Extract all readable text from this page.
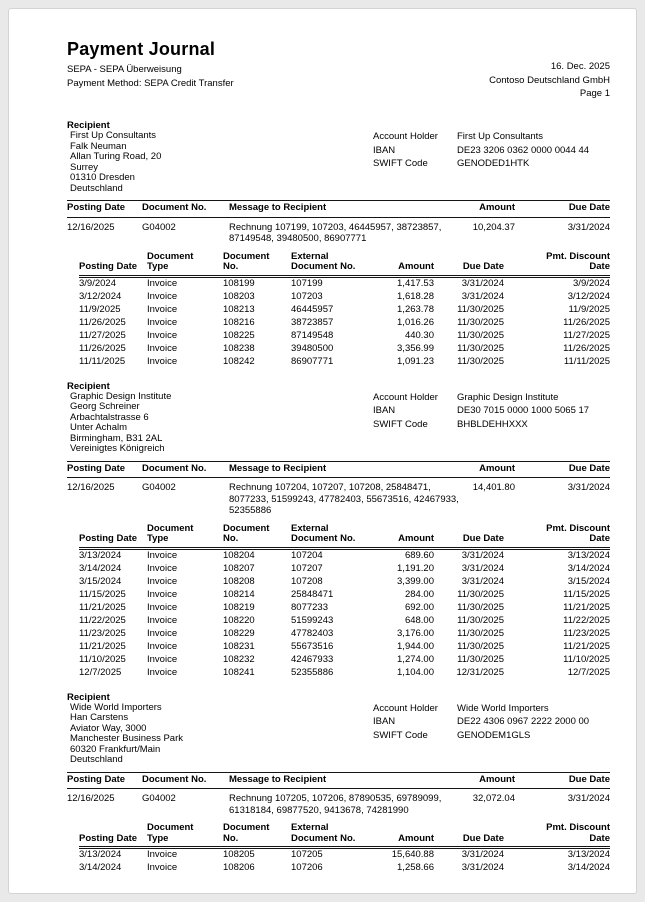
Payment Journal
SEPA - SEPA Überweisung
Payment Method: SEPA Credit Transfer
16. Dec. 2025
Contoso Deutschland GmbH
Page 1
Recipient
First Up Consultants
Falk Neuman
Allan Turing Road, 20
Surrey
01310 Dresden
Deutschland
Account Holder	First Up Consultants
IBAN	DE23 3206 0362 0000 0044 44
SWIFT Code	GENODED1HTK
Posting Date	Document No.	Message to Recipient	Amount	Due Date
12/16/2025	G04002	Rechnung 107199, 107203, 46445957, 38723857, 87149548, 39480500, 86907771	10,204.37	3/31/2024
Posting Date	Document Type	Document No.	External Document No.	Amount	Due Date	Pmt. Discount Date
3/9/2024	Invoice	108199	107199	1,417.53	3/31/2024	3/9/2024
3/12/2024	Invoice	108203	107203	1,618.28	3/31/2024	3/12/2024
11/9/2025	Invoice	108213	46445957	1,263.78	11/30/2025	11/9/2025
11/26/2025	Invoice	108216	38723857	1,016.26	11/30/2025	11/26/2025
11/27/2025	Invoice	108225	87149548	440.30	11/30/2025	11/27/2025
11/26/2025	Invoice	108238	39480500	3,356.99	11/30/2025	11/26/2025
11/11/2025	Invoice	108242	86907771	1,091.23	11/30/2025	11/11/2025
Recipient
Graphic Design Institute
Georg Schreiner
Arbachtalstrasse 6
Unter Achalm
Birmingham, B31 2AL
Vereinigtes Königreich
Account Holder	Graphic Design Institute
IBAN	DE30 7015 0000 1000 5065 17
SWIFT Code	BHBLDEHHXXX
Posting Date	Document No.	Message to Recipient	Amount	Due Date
12/16/2025	G04002	Rechnung 107204, 107207, 107208, 25848471, 8077233, 51599243, 47782403, 55673516, 42467933, 52355886	14,401.80	3/31/2024
Posting Date	Document Type	Document No.	External Document No.	Amount	Due Date	Pmt. Discount Date
3/13/2024	Invoice	108204	107204	689.60	3/31/2024	3/13/2024
3/14/2024	Invoice	108207	107207	1,191.20	3/31/2024	3/14/2024
3/15/2024	Invoice	108208	107208	3,399.00	3/31/2024	3/15/2024
11/15/2025	Invoice	108214	25848471	284.00	11/30/2025	11/15/2025
11/21/2025	Invoice	108219	8077233	692.00	11/30/2025	11/21/2025
11/22/2025	Invoice	108220	51599243	648.00	11/30/2025	11/22/2025
11/23/2025	Invoice	108229	47782403	3,176.00	11/30/2025	11/23/2025
11/21/2025	Invoice	108231	55673516	1,944.00	11/30/2025	11/21/2025
11/10/2025	Invoice	108232	42467933	1,274.00	11/30/2025	11/10/2025
12/7/2025	Invoice	108241	52355886	1,104.00	12/31/2025	12/7/2025
Recipient
Wide World Importers
Han Carstens
Aviator Way, 3000
Manchester Business Park
60320 Frankfurt/Main
Deutschland
Account Holder	Wide World Importers
IBAN	DE22 4306 0967 2222 2000 00
SWIFT Code	GENODEM1GLS
Posting Date	Document No.	Message to Recipient	Amount	Due Date
12/16/2025	G04002	Rechnung 107205, 107206, 87890535, 69789099, 61318184, 69877520, 9413678, 74281990	32,072.04	3/31/2024
Posting Date	Document Type	Document No.	External Document No.	Amount	Due Date	Pmt. Discount Date
3/13/2024	Invoice	108205	107205	15,640.88	3/31/2024	3/13/2024
3/14/2024	Invoice	108206	107206	1,258.66	3/31/2024	3/14/2024
